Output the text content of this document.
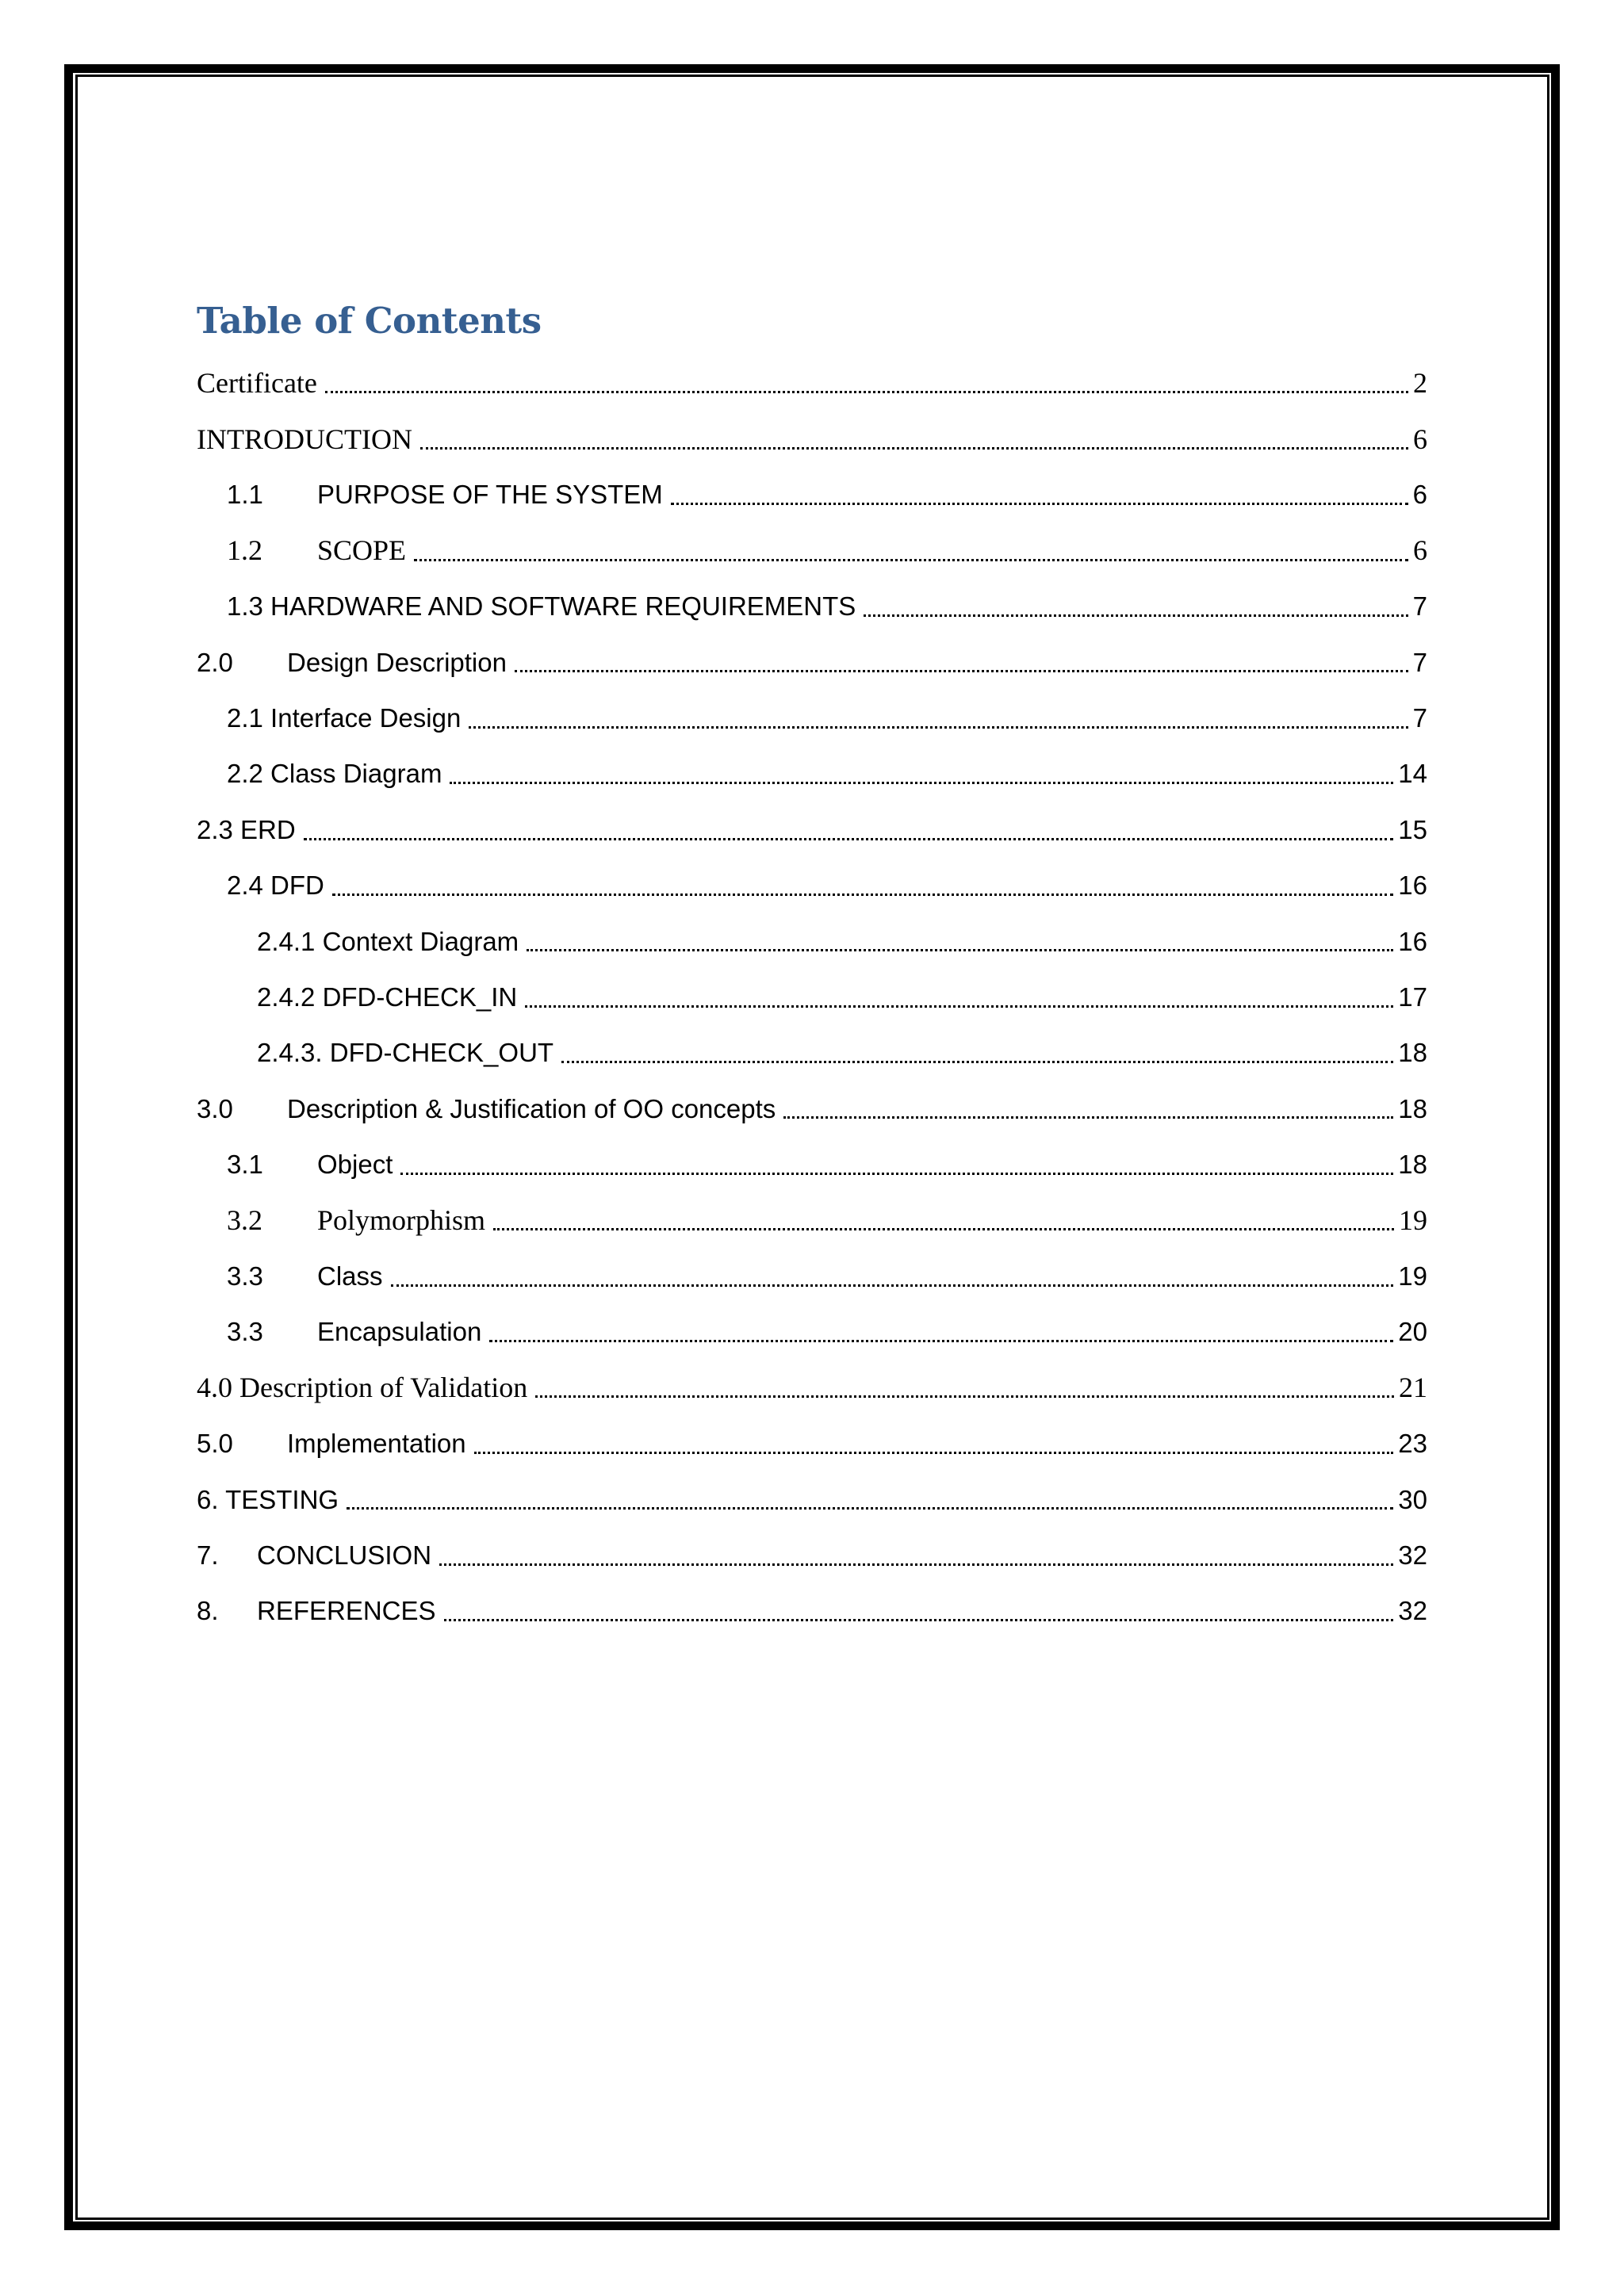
Table of Contents
Certificate	2
INTRODUCTION	6
1.1	PURPOSE OF THE SYSTEM	6
1.2	SCOPE	6
1.3 HARDWARE AND SOFTWARE REQUIREMENTS	7
2.0	Design Description	7
2.1 Interface Design	7
2.2 Class Diagram	14
2.3 ERD	15
2.4 DFD	16
2.4.1 Context Diagram	16
2.4.2 DFD-CHECK_IN	17
2.4.3. DFD-CHECK_OUT	18
3.0	Description & Justification of OO concepts	18
3.1	Object	18
3.2	Polymorphism	19
3.3	Class	19
3.3	Encapsulation	20
4.0 Description of Validation	21
5.0	Implementation	23
6. TESTING	30
7.	CONCLUSION	32
8.	REFERENCES	32
